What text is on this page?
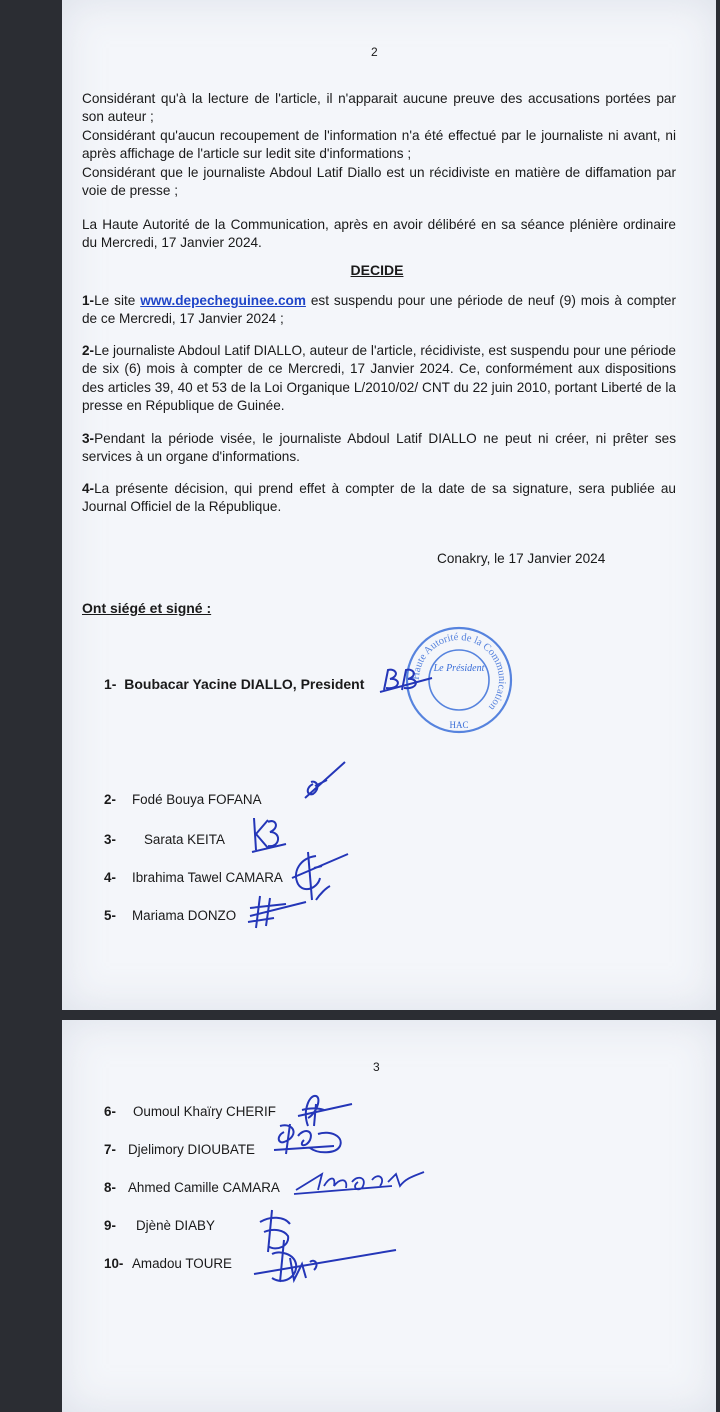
2

Considérant qu'à la lecture de l'article, il n'apparait aucune preuve des accusations portées par son auteur ;

Considérant qu'aucun recoupement de l'information n'a été effectué par le journaliste ni avant, ni après affichage de l'article sur ledit site d'informations ;

Considérant que le journaliste Abdoul Latif Diallo est un récidiviste en matière de diffamation par voie de presse ;

La Haute Autorité de la Communication, après en avoir délibéré en sa séance plénière ordinaire du Mercredi, 17 Janvier 2024.

DECIDE

1-Le site www.depecheguinee.com est suspendu pour une période de neuf (9) mois à compter de ce Mercredi, 17 Janvier 2024 ;

2-Le journaliste Abdoul Latif DIALLO, auteur de l'article, récidiviste, est suspendu pour une période de six (6) mois à compter de ce Mercredi, 17 Janvier 2024. Ce, conformément aux dispositions des articles 39, 40 et 53 de la Loi Organique L/2010/02/ CNT du 22 juin 2010, portant Liberté de la presse en République de Guinée.

3-Pendant la période visée, le journaliste Abdoul Latif DIALLO ne peut ni créer, ni prêter ses services à un organe d'informations.

4-La présente décision, qui prend effet à compter de la date de sa signature, sera publiée au Journal Officiel de la République.

Conakry, le 17 Janvier 2024
Ont siégé et signé :
1- Boubacar Yacine DIALLO, President	Haute Autorité de la Communication
Le Président
HAC
2- Fodé Bouya FOFANA
3- Sarata KEITA
4- Ibrahima Tawel CAMARA
5- Mariama DONZO
3
6- Oumoul Khaïry CHERIF
7- Djelimory DIOUBATE
8- Ahmed Camille CAMARA
9- Djènè DIABY
10- Amadou TOURE
